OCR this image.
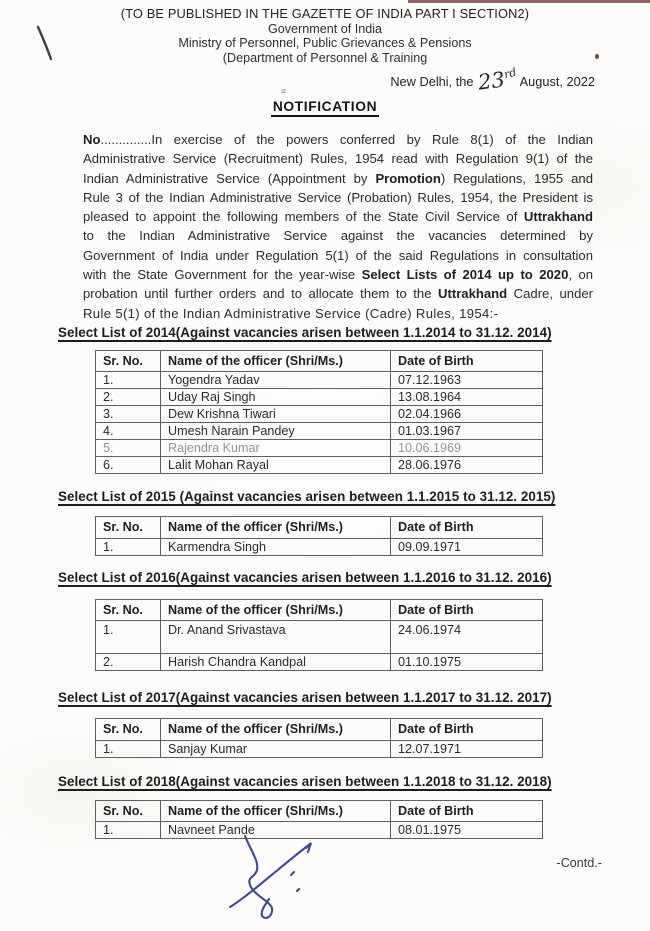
(TO BE PUBLISHED IN THE GAZETTE OF INDIA PART I SECTION2)
Government of India
Ministry of Personnel, Public Grievances & Pensions
(Department of Personnel & Training
New Delhi, the 23rdAugust, 2022
=
NOTIFICATION
No..............In exercise of the powers conferred by Rule 8(1) of the Indian
Administrative Service (Recruitment) Rules, 1954 read with Regulation 9(1) of the
Indian Administrative Service (Appointment by Promotion) Regulations, 1955 and
Rule 3 of the Indian Administrative Service (Probation) Rules, 1954, the President is
pleased to appoint the following members of the State Civil Service of Uttrakhand
to the Indian Administrative Service against the vacancies determined by
Government of India under Regulation 5(1) of the said Regulations in consultation
with the State Government for the year-wise Select Lists of 2014 up to 2020, on
probation until further orders and to allocate them to the Uttrakhand Cadre, under
Rule 5(1) of the Indian Administrative Service (Cadre) Rules, 1954:-
Select List of 2014(Against vacancies arisen between 1.1.2014 to 31.12. 2014)
Sr. No.	Name of the officer (Shri/Ms.)	Date of Birth
1.	Yogendra Yadav	07.12.1963
2.	Uday Raj Singh	13.08.1964
3.	Dew Krishna Tiwari	02.04.1966
4.	Umesh Narain Pandey	01.03.1967
5.	Rajendra Kumar	10.06.1969
6.	Lalit Mohan Rayal	28.06.1976
Select List of 2015 (Against vacancies arisen between 1.1.2015 to 31.12. 2015)
Sr. No.	Name of the officer (Shri/Ms.)	Date of Birth
1.	Karmendra Singh	09.09.1971
Select List of 2016(Against vacancies arisen between 1.1.2016 to 31.12. 2016)
Sr. No.	Name of the officer (Shri/Ms.)	Date of Birth
1.	Dr. Anand Srivastava	24.06.1974
2.	Harish Chandra Kandpal	01.10.1975
Select List of 2017(Against vacancies arisen between 1.1.2017 to 31.12. 2017)
Sr. No.	Name of the officer (Shri/Ms.)	Date of Birth
1.	Sanjay Kumar	12.07.1971
Select List of 2018(Against vacancies arisen between 1.1.2018 to 31.12. 2018)
Sr. No.	Name of the officer (Shri/Ms.)	Date of Birth
1.	Navneet Pande	08.01.1975
-Contd.-
